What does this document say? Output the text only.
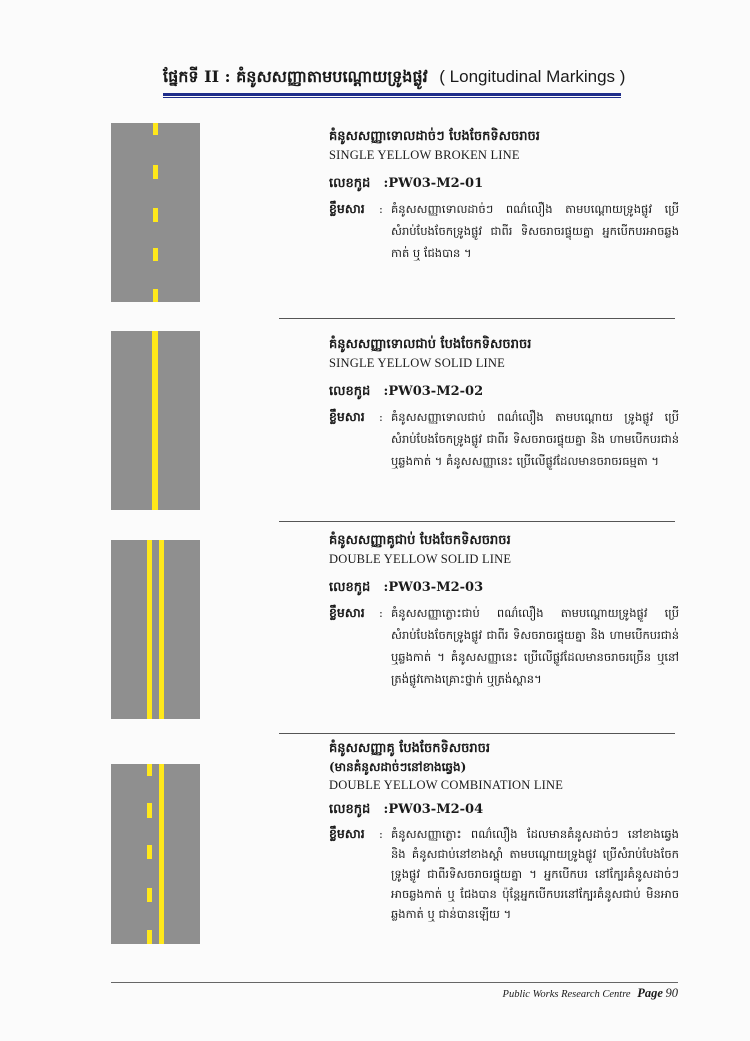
ផ្នែកទី II : គំនូសសញ្ញាតាមបណ្តោយទ្រូងផ្លូវ ( Longitudinal Markings )

គំនូសសញ្ញាទោលដាច់ៗ បែងចែកទិសចរាចរ

SINGLE YELLOW BROKEN LINE

លេខកូដ :PW03-M2-01
ខ្លឹមសារ	: គំនូសសញ្ញាទោលដាច់ៗ ពណ៌លឿង តាមបណ្តោយទ្រូងផ្លូវ ប្រើសំរាប់បែងចែកទ្រូងផ្លូវ ជាពីរ ទិសចរាចរផ្ទុយគ្នា អ្នកបើកបរអាចឆ្លងកាត់ ឬ ជែងបាន ។

គំនូសសញ្ញាទោលជាប់ បែងចែកទិសចរាចរ

SINGLE YELLOW SOLID LINE

លេខកូដ :PW03-M2-02
ខ្លឹមសារ	: គំនូសសញ្ញាទោលជាប់ ពណ៌លឿង តាមបណ្តោយ ទ្រូងផ្លូវ ប្រើសំរាប់បែងចែកទ្រូងផ្លូវ ជាពីរ ទិសចរាចរផ្ទុយគ្នា និង ហាមបើកបរជាន់ ឬឆ្លងកាត់ ។ គំនូសសញ្ញានេះ ប្រើលើផ្លូវដែលមានចរាចរធម្មតា ។

គំនូសសញ្ញាគូជាប់ បែងចែកទិសចរាចរ

DOUBLE YELLOW SOLID LINE

លេខកូដ :PW03-M2-03
ខ្លឹមសារ	: គំនូសសញ្ញាភ្លោះជាប់ ពណ៌លឿង តាមបណ្តោយទ្រូងផ្លូវ ប្រើសំរាប់បែងចែកទ្រូងផ្លូវ ជាពីរ ទិសចរាចរផ្ទុយគ្នា និង ហាមបើកបរជាន់ ឬឆ្លងកាត់ ។ គំនូសសញ្ញានេះ ប្រើលើផ្លូវដែលមានចរាចរច្រើន ឬនៅត្រង់ផ្លូវកោងគ្រោះថ្នាក់ ឬត្រង់ស្ពាន។

គំនូសសញ្ញាគូ បែងចែកទិសចរាចរ

(មានគំនូសដាច់ៗនៅខាងឆ្វេង)

DOUBLE YELLOW COMBINATION LINE

លេខកូដ :PW03-M2-04
ខ្លឹមសារ	: គំនូសសញ្ញាភ្លោះ ពណ៌លឿង ដែលមានគំនូសដាច់ៗ នៅខាងឆ្វេង និង គំនូសជាប់នៅខាងស្តាំ តាមបណ្តោយទ្រូងផ្លូវ ប្រើសំរាប់បែងចែកទ្រូងផ្លូវ ជាពីរទិសចរាចរផ្ទុយគ្នា ។ អ្នកបើកបរ នៅក្បែរគំនូសដាច់ៗ អាចឆ្លងកាត់ ឬ ជែងបាន ប៉ុន្តែអ្នកបើកបរនៅក្បែរគំនូសជាប់ មិនអាចឆ្លងកាត់ ឬ ជាន់បានឡើយ ។
Public Works Research Centre Page 90
